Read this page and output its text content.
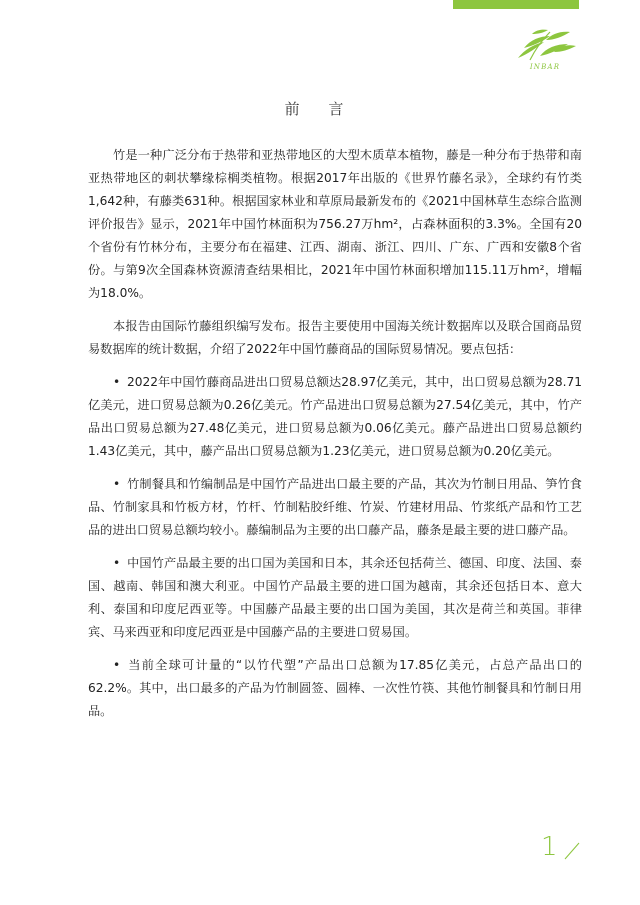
INBAR
前 言

竹是一种广泛分布于热带和亚热带地区的大型木质草本植物，藤是一种分布于热带和南亚热带地区的刺状攀缘棕榈类植物。根据2017年出版的《世界竹藤名录》，全球约有竹类1,642种，有藤类631种。根据国家林业和草原局最新发布的《2021中国林草生态综合监测评价报告》显示，2021年中国竹林面积为756.27万hm²，占森林面积的3.3%。全国有20个省份有竹林分布，主要分布在福建、江西、湖南、浙江、四川、广东、广西和安徽8个省份。与第9次全国森林资源清查结果相比，2021年中国竹林面积增加115.11万hm²，增幅为18.0%。

本报告由国际竹藤组织编写发布。报告主要使用中国海关统计数据库以及联合国商品贸易数据库的统计数据，介绍了2022年中国竹藤商品的国际贸易情况。要点包括：

• 2022年中国竹藤商品进出口贸易总额达28.97亿美元，其中，出口贸易总额为28.71亿美元，进口贸易总额为0.26亿美元。竹产品进出口贸易总额为27.54亿美元，其中，竹产品出口贸易总额为27.48亿美元，进口贸易总额为0.06亿美元。藤产品进出口贸易总额约1.43亿美元，其中，藤产品出口贸易总额为1.23亿美元，进口贸易总额为0.20亿美元。
• 竹制餐具和竹编制品是中国竹产品进出口最主要的产品，其次为竹制日用品、笋竹食品、竹制家具和竹板方材，竹杆、竹制粘胶纤维、竹炭、竹建材用品、竹浆纸产品和竹工艺品的进出口贸易总额均较小。藤编制品为主要的出口藤产品，藤条是最主要的进口藤产品。
• 中国竹产品最主要的出口国为美国和日本，其余还包括荷兰、德国、印度、法国、泰国、越南、韩国和澳大利亚。中国竹产品最主要的进口国为越南，其余还包括日本、意大利、泰国和印度尼西亚等。中国藤产品最主要的出口国为美国，其次是荷兰和英国。菲律宾、马来西亚和印度尼西亚是中国藤产品的主要进口贸易国。
• 当前全球可计量的“以竹代塑”产品出口总额为17.85亿美元，占总产品出口的62.2%。其中，出口最多的产品为竹制圆签、圆棒、一次性竹筷、其他竹制餐具和竹制日用品。
1
